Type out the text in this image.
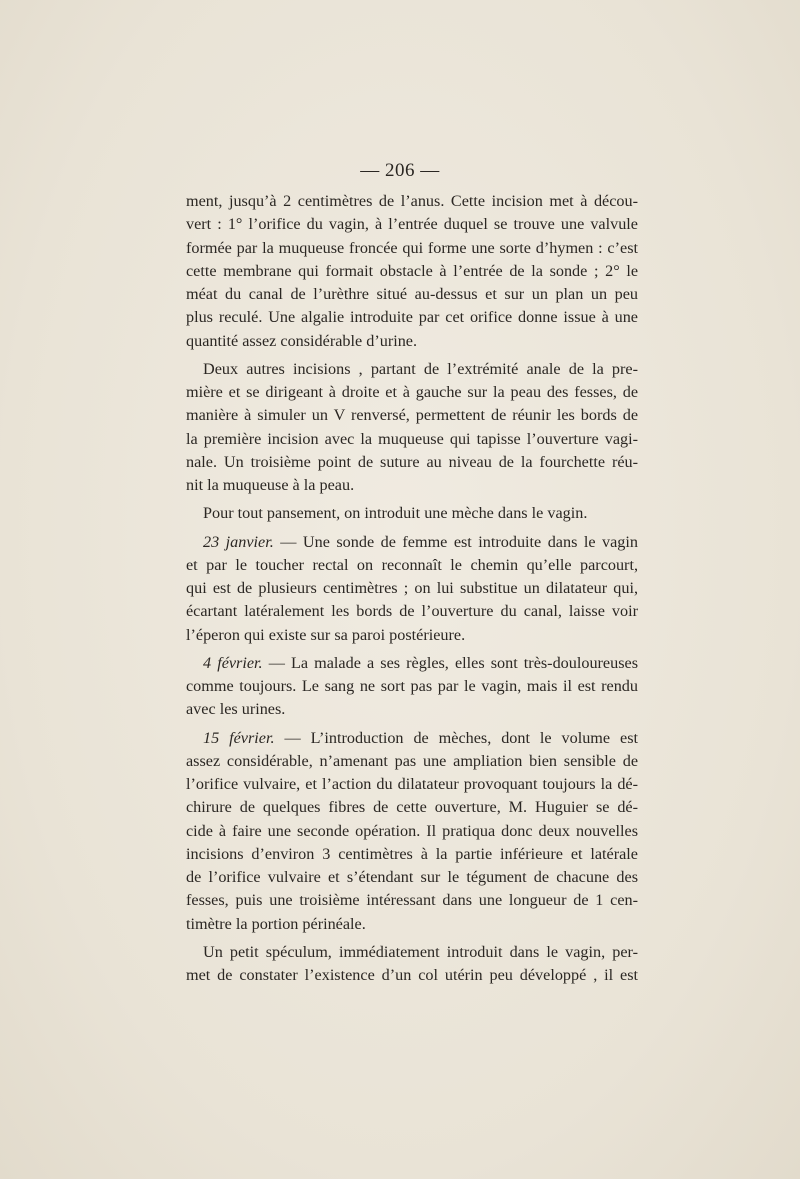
— 206 —

ment, jusqu’à 2 centimètres de l’anus. Cette incision met à décou-
vert : 1° l’orifice du vagin, à l’entrée duquel se trouve une valvule
formée par la muqueuse froncée qui forme une sorte d’hymen : c’est
cette membrane qui formait obstacle à l’entrée de la sonde ; 2° le
méat du canal de l’urèthre situé au-dessus et sur un plan un peu
plus reculé. Une algalie introduite par cet orifice donne issue à une
quantité assez considérable d’urine.

Deux autres incisions , partant de l’extrémité anale de la pre-
mière et se dirigeant à droite et à gauche sur la peau des fesses, de
manière à simuler un V renversé, permettent de réunir les bords de
la première incision avec la muqueuse qui tapisse l’ouverture vagi-
nale. Un troisième point de suture au niveau de la fourchette réu-
nit la muqueuse à la peau.

Pour tout pansement, on introduit une mèche dans le vagin.

23 janvier. — Une sonde de femme est introduite dans le vagin
et par le toucher rectal on reconnaît le chemin qu’elle parcourt,
qui est de plusieurs centimètres ; on lui substitue un dilatateur qui,
écartant latéralement les bords de l’ouverture du canal, laisse voir
l’éperon qui existe sur sa paroi postérieure.

4 février. — La malade a ses règles, elles sont très-douloureuses
comme toujours. Le sang ne sort pas par le vagin, mais il est rendu
avec les urines.

15 février. — L’introduction de mèches, dont le volume est
assez considérable, n’amenant pas une ampliation bien sensible de
l’orifice vulvaire, et l’action du dilatateur provoquant toujours la dé-
chirure de quelques fibres de cette ouverture, M. Huguier se dé-
cide à faire une seconde opération. Il pratiqua donc deux nouvelles
incisions d’environ 3 centimètres à la partie inférieure et latérale
de l’orifice vulvaire et s’étendant sur le tégument de chacune des
fesses, puis une troisième intéressant dans une longueur de 1 cen-
timètre la portion périnéale.

Un petit spéculum, immédiatement introduit dans le vagin, per-
met de constater l’existence d’un col utérin peu développé , il est
